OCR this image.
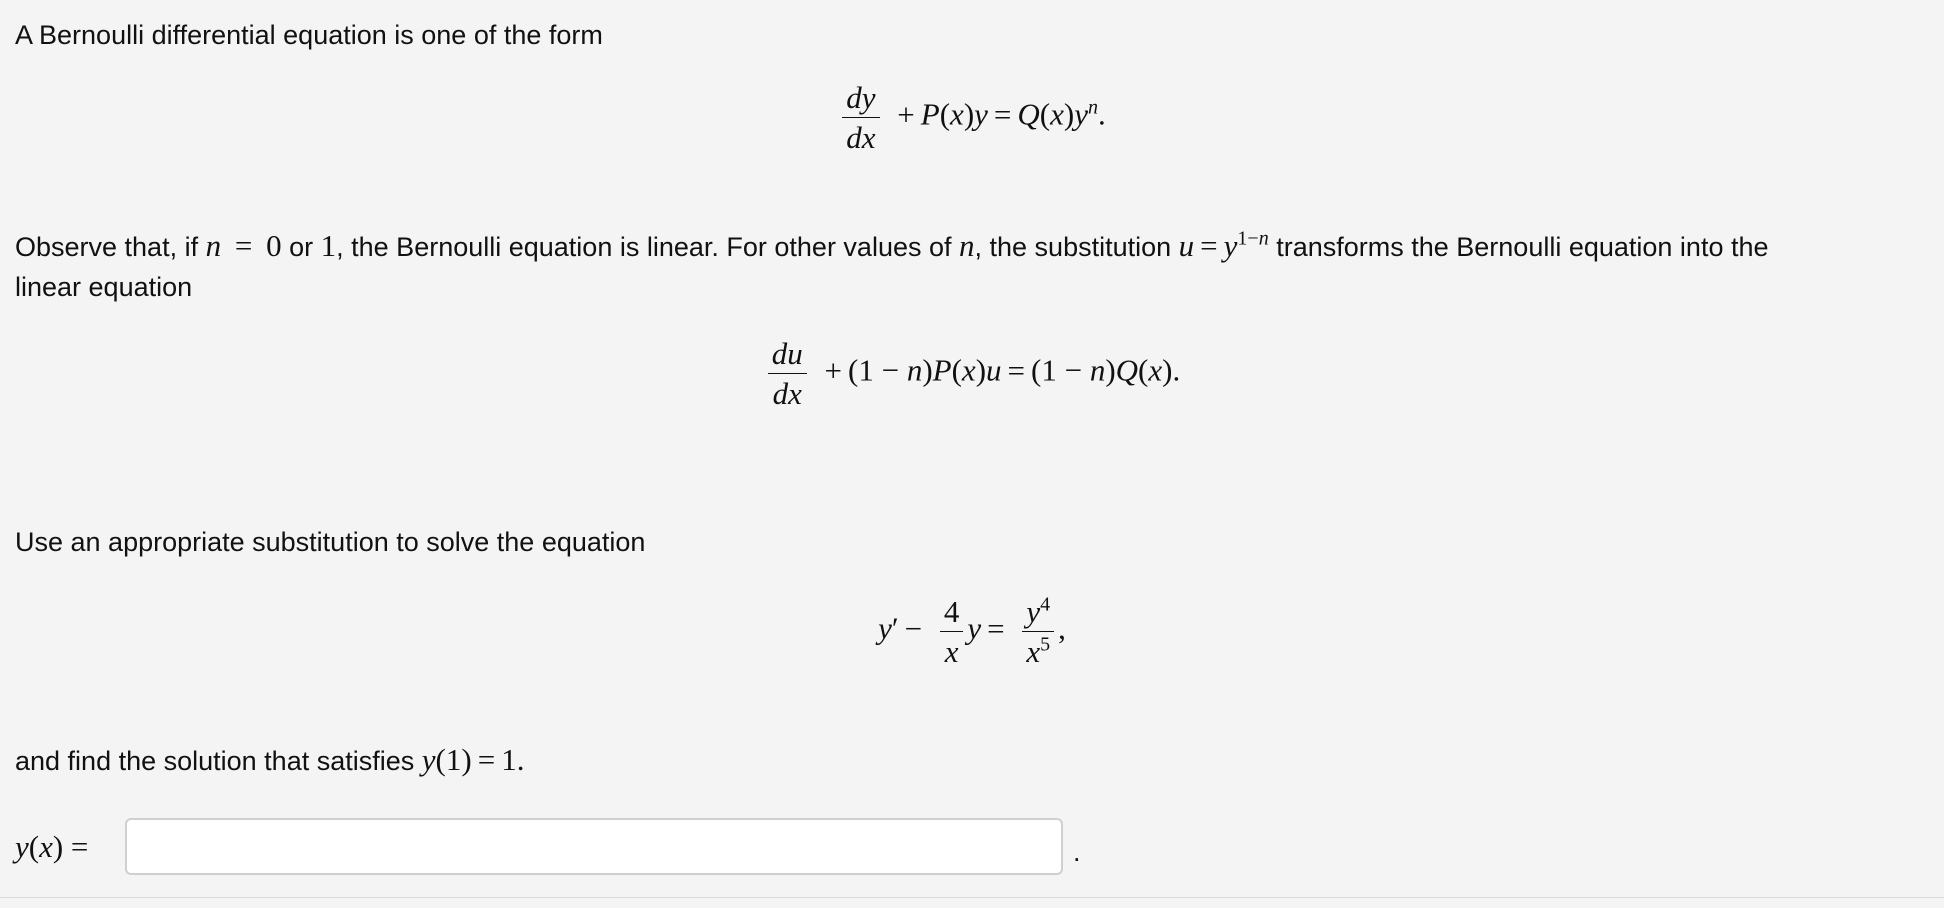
A Bernoulli differential equation is one of the form

$\frac{dy}{dx} + P(x)y = Q(x)y^n$.
Observe that, if n = 0 or 1, the Bernoulli equation is linear. For other values of n, the substitution $u = y^{1-n}$ transforms the Bernoulli equation into the
linear equation
$\frac{du}{dx} + (1 - n)P(x)u = (1 - n)Q(x)$.

Use an appropriate substitution to solve the equation

$y' - \frac{4}{x}$ $y = \frac{y^4}{x^5}$ ,
and find the solution that satisfies y(1) = 1.
y(x) =	.
